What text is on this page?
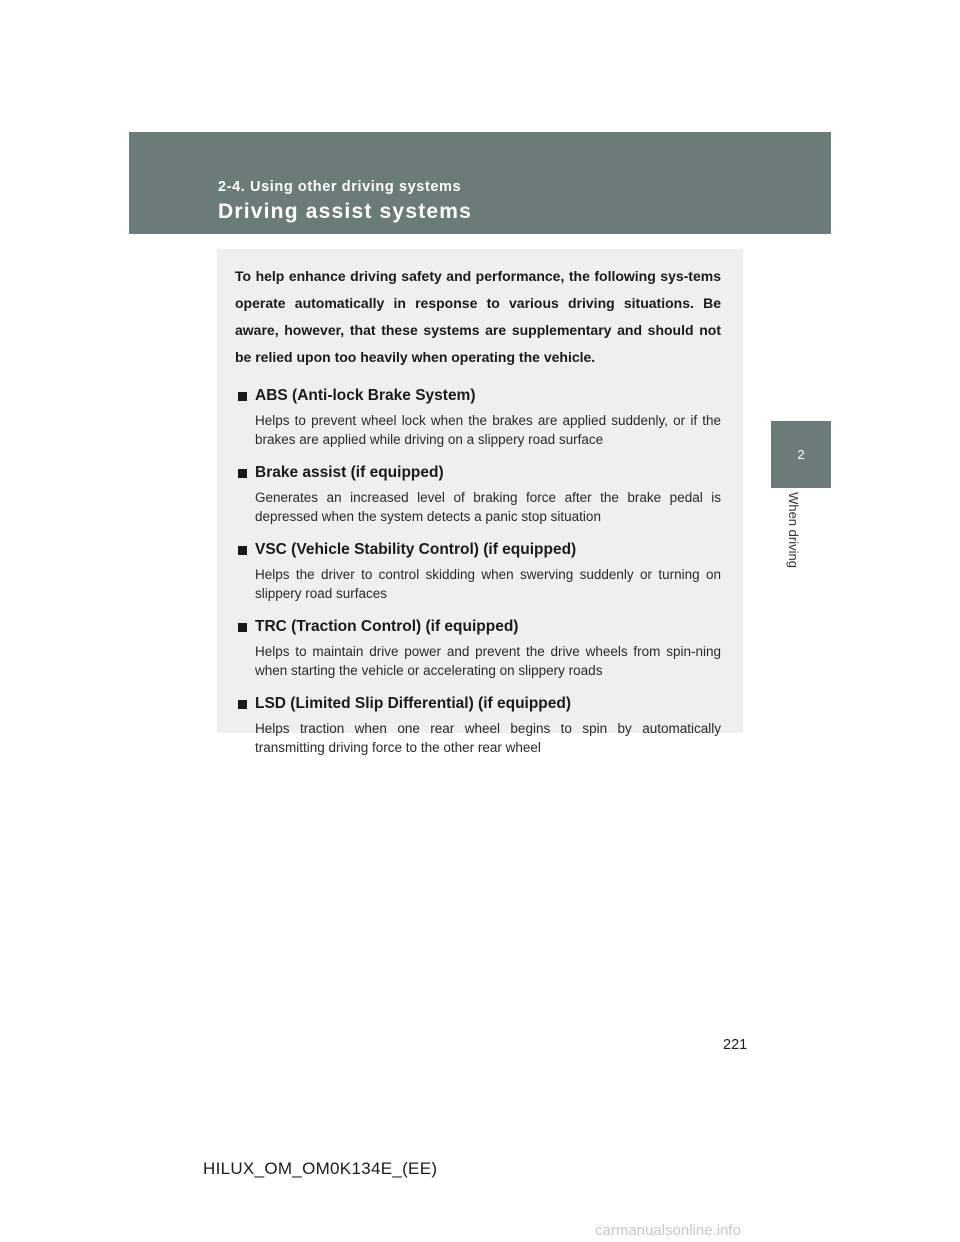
2-4. Using other driving systems
Driving assist systems
2
When driving

To help enhance driving safety and performance, the following sys-tems operate automatically in response to various driving situations. Be aware, however, that these systems are supplementary and should not be relied upon too heavily when operating the vehicle.

ABS (Anti-lock Brake System)

Helps to prevent wheel lock when the brakes are applied suddenly, or if the brakes are applied while driving on a slippery road surface

Brake assist (if equipped)

Generates an increased level of braking force after the brake pedal is depressed when the system detects a panic stop situation

VSC (Vehicle Stability Control) (if equipped)

Helps the driver to control skidding when swerving suddenly or turning on slippery road surfaces

TRC (Traction Control) (if equipped)

Helps to maintain drive power and prevent the drive wheels from spin-ning when starting the vehicle or accelerating on slippery roads

LSD (Limited Slip Differential) (if equipped)

Helps traction when one rear wheel begins to spin by automatically transmitting driving force to the other rear wheel

221
HILUX_OM_OM0K134E_(EE)
carmanualsonline.info
